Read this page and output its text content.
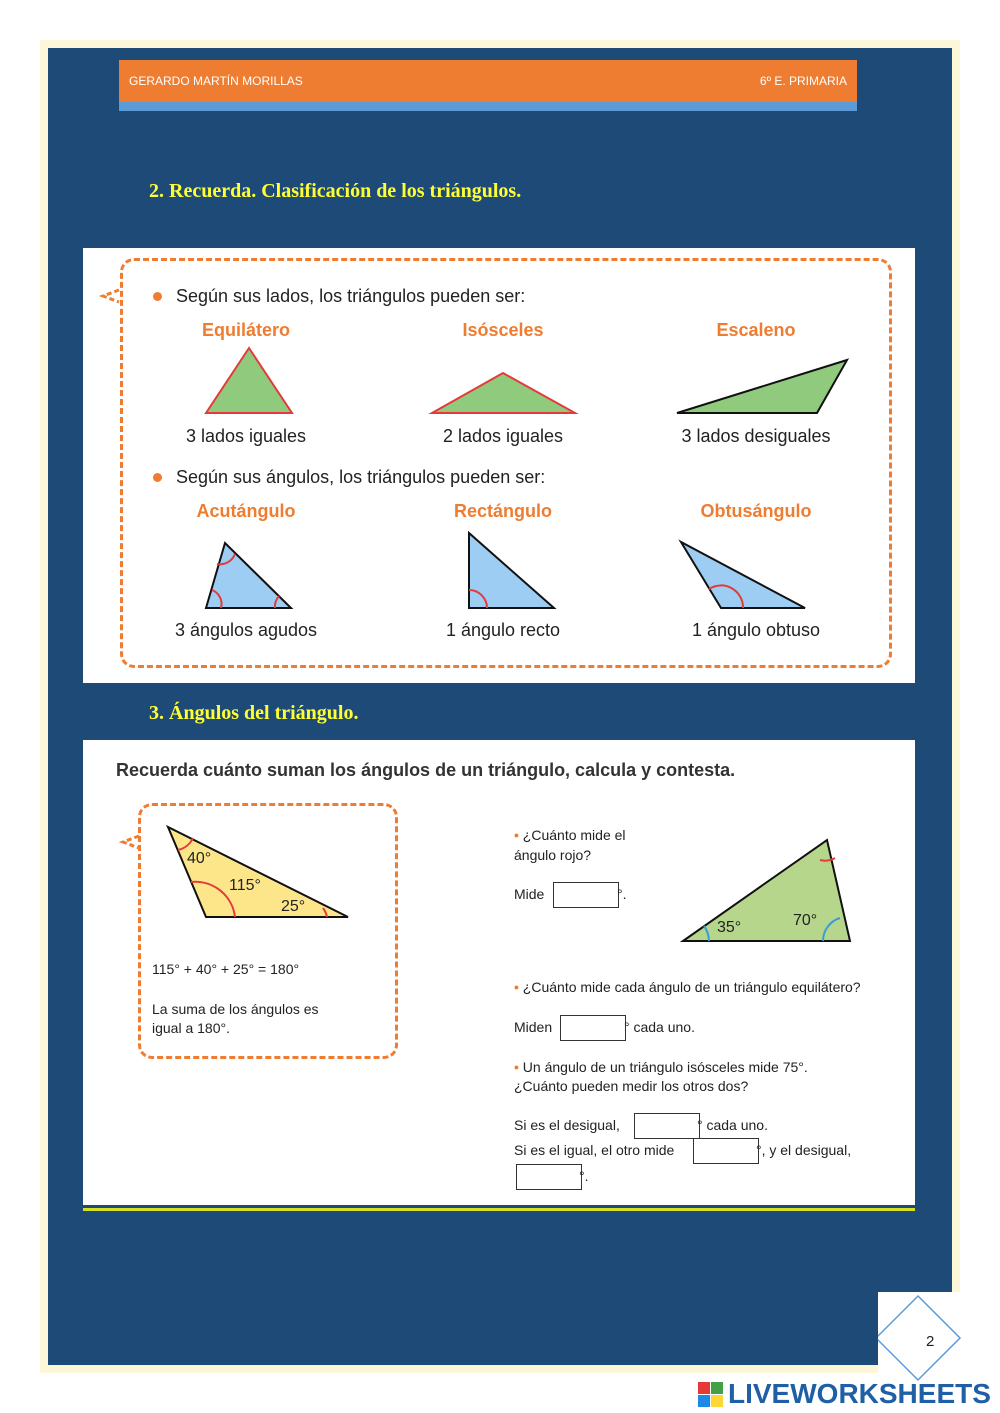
GERARDO MARTÍN MORILLAS	6º E. PRIMARIA
2. Recuerda. Clasificación de los triángulos.
Según sus lados, los triángulos pueden ser:
Equilátero	Isósceles	Escaleno
3 lados iguales	2 lados iguales	3 lados desiguales
Según sus ángulos, los triángulos pueden ser:
Acutángulo	Rectángulo	Obtusángulo
3 ángulos agudos	1 ángulo recto	1 ángulo obtuso
3. Ángulos del triángulo.
Recuerda cuánto suman los ángulos de un triángulo, calcula y contesta.
40°
115°
25°
115° + 40° + 25° = 180°
La suma de los ángulos es
igual a 180°.
• ¿Cuánto mide el
ángulo rojo?
Mide	°.
35°	70°
• ¿Cuánto mide cada ángulo de un triángulo equilátero?
Miden	° cada uno.
• Un ángulo de un triángulo isósceles mide 75°.
¿Cuánto pueden medir los otros dos?
Si es el desigual,	° cada uno.
Si es el igual, el otro mide	°, y el desigual,
°.
2
LIVEWORKSHEETS
